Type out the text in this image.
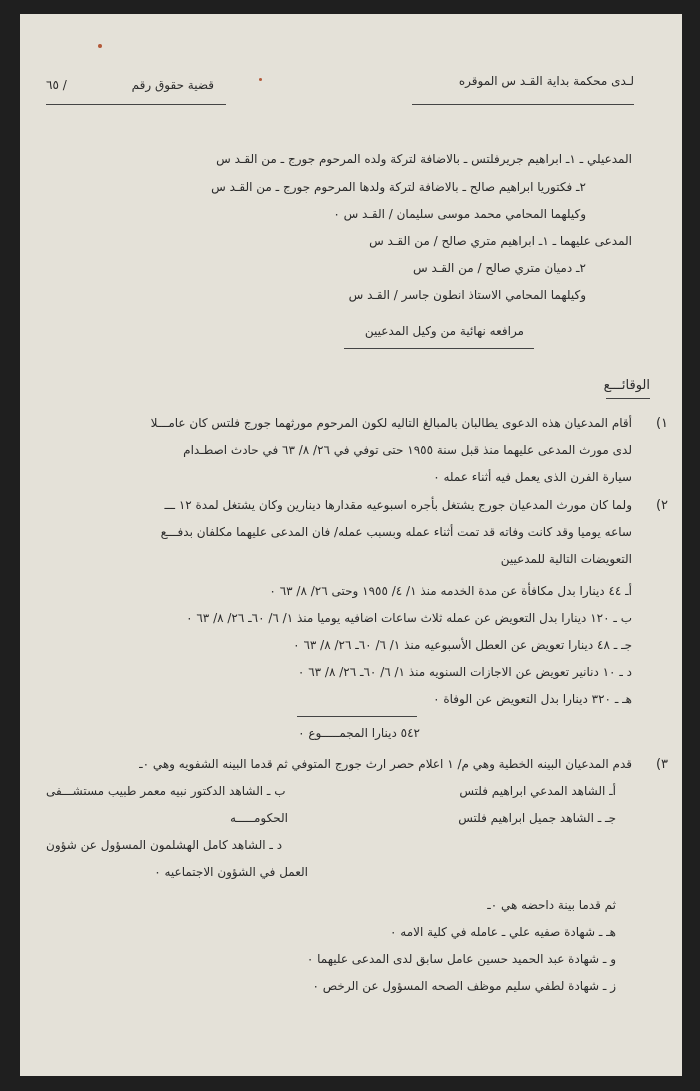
لـدى محكمة بداية القـد س الموقره
قضية حقوق رقم
٦٥ /
المدعيلي ـ ١ـ ابراهيم جريرفلتس ـ بالاضافة لتركة ولده المرحوم جورج ـ من القـد س
٢ـ فكتوريا ابراهيم صالح ـ بالاضافة لتركة ولدها المرحوم جورج ـ من القـد س
وكيلهما المحامي محمد موسى سليمان / القـد س ٠
المدعى عليهما ـ ١ـ ابراهيم متري صالح / من القـد س
٢ـ دميان متري صالح / من القـد س
وكيلهما المحامي الاستاذ انطون جاسر / القـد س
مرافعه نهائية من وكيل المدعيين
الوقائـــع
١)
أقام المدعيان هذه الدعوى يطالبان بالمبالغ التاليه لكون المرحوم مورثهما جورج فلتس كان عامـــلا
لدى مورث المدعى عليهما منذ قبل سنة ١٩٥٥ حتى توفي في ٢٦/ ٨/ ٦٣ في حادث اصطـدام
سيارة الفرن الذى يعمل فيه أثناء عمله ٠
٢)
ولما كان مورث المدعيان جورج يشتغل بأجره اسبوعيه مقدارها دينارين وكان يشتغل لمدة ١٢ ـــ
ساعه يوميا وقد كانت وفاته قد تمت أثناء عمله وبسبب عمله/ فان المدعى عليهما مكلفان بدفـــع
التعويضات التالية للمدعيين
أـ ٤٤ دينارا بدل مكافأة عن مدة الخدمه منذ ١/ ٤/ ١٩٥٥ وحتى ٢٦/ ٨/ ٦٣ ٠
ب ـ ١٢٠ دينارا بدل التعويض عن عمله ثلاث ساعات اضافيه يوميا منذ ١/ ٦/ ٦٠ـ ٢٦/ ٨/ ٦٣ ٠
جـ ـ ٤٨ دينارا تعويض عن العطل الأسبوعيه منذ ١/ ٦/ ٦٠ـ ٢٦/ ٨/ ٦٣ ٠
د ـ ١٠ دنانير تعويض عن الاجازات السنويه منذ ١/ ٦/ ٦٠ـ ٢٦/ ٨/ ٦٣ ٠
هـ ـ ٣٢٠ دينارا بدل التعويض عن الوفاة ٠
٥٤٢ دينارا المجمـــــوع ٠
٣)
قدم المدعيان البينه الخطية وهي م/ ١ اعلام حصر ارث جورج المتوفي ثم قدما البينه الشفويه وهي ٠ـ
أـ الشاهد المدعي ابراهيم فلتس
ب ـ الشاهد الدكتور نبيه معمر طبيب مستشـــفى
جـ ـ الشاهد جميل ابراهيم فلتس
الحكومـــــه
د ـ الشاهد كامل الهشلمون المسؤول عن شؤون
العمل في الشؤون الاجتماعيه ٠
ثم قدما بينة داحضه هي ٠ـ
هـ ـ شهادة صفيه علي ـ عامله في كلية الامه ٠
و ـ شهادة عبد الحميد حسين عامل سابق لدى المدعى عليهما ٠
ز ـ شهادة لطفي سليم موظف الصحه المسؤول عن الرخص ٠
